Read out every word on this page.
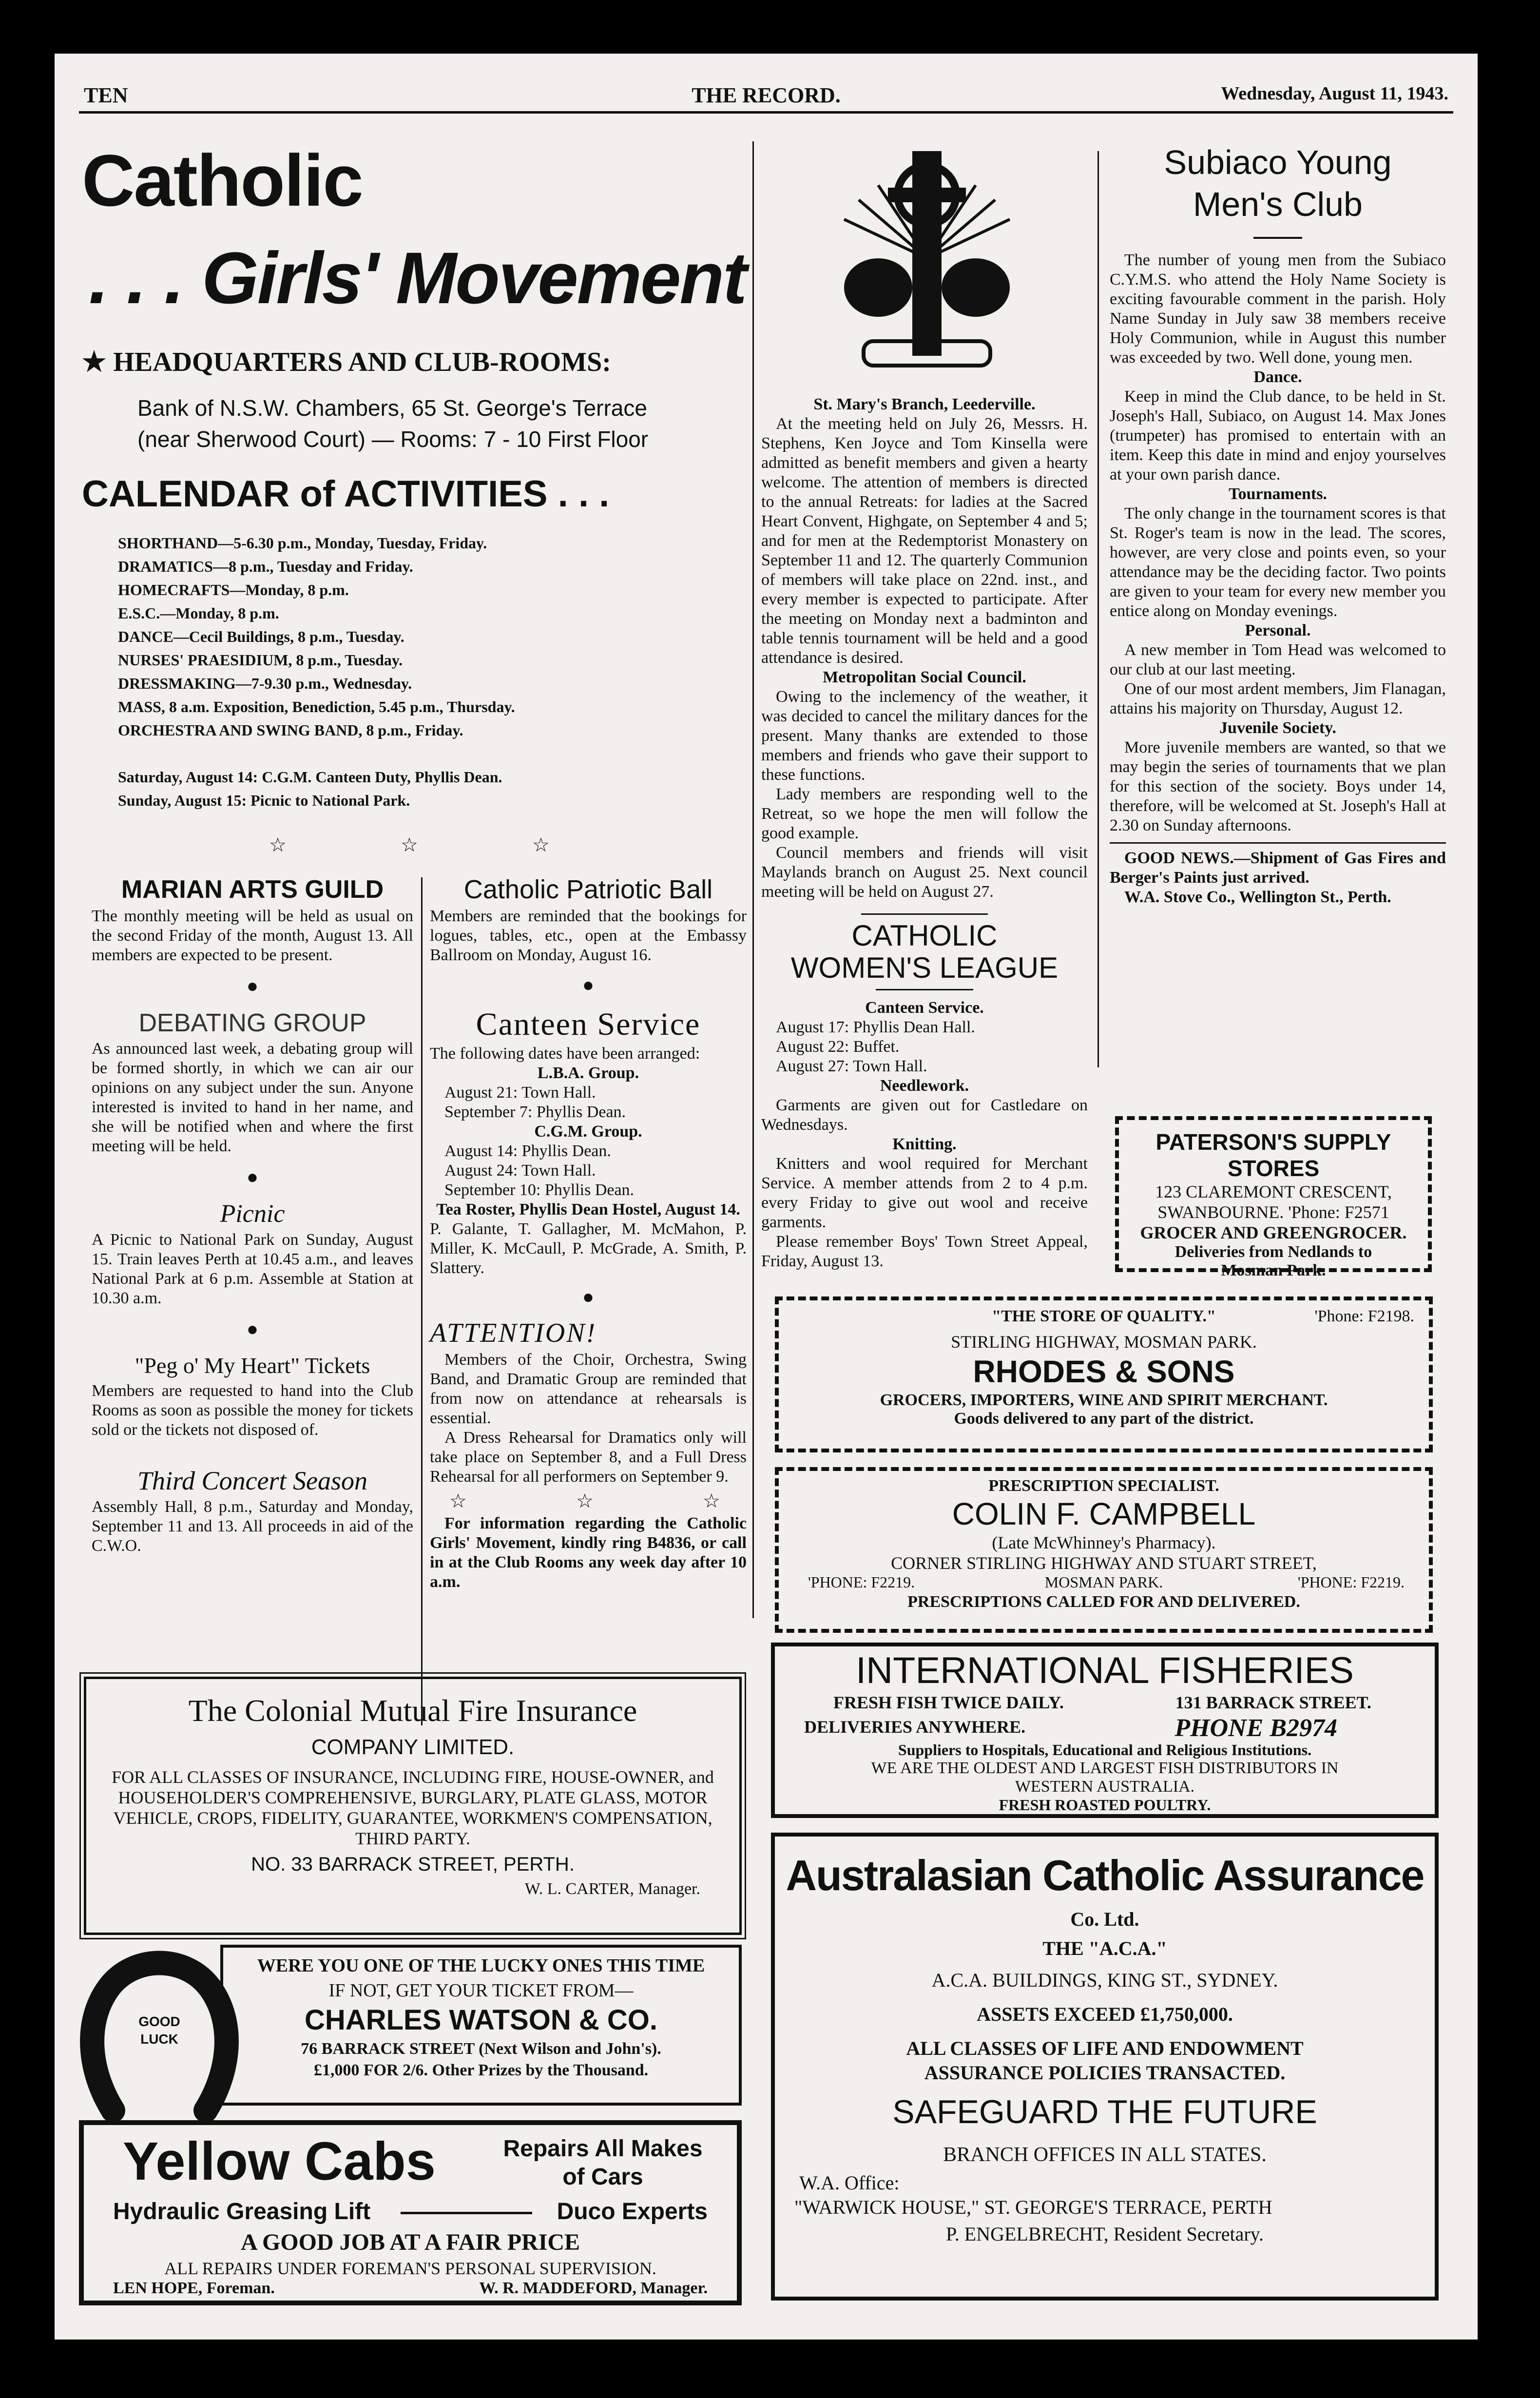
TEN	THE RECORD.	Wednesday, August 11, 1943.
Catholic
. . . Girls' Movement
★ HEADQUARTERS AND CLUB-ROOMS:
Bank of N.S.W. Chambers, 65 St. George's Terrace
(near Sherwood Court) — Rooms: 7 - 10 First Floor
CALENDAR of ACTIVITIES . . .
SHORTHAND—5-6.30 p.m., Monday, Tuesday, Friday.
DRAMATICS—8 p.m., Tuesday and Friday.
HOMECRAFTS—Monday, 8 p.m.
E.S.C.—Monday, 8 p.m.
DANCE—Cecil Buildings, 8 p.m., Tuesday.
NURSES' PRAESIDIUM, 8 p.m., Tuesday.
DRESSMAKING—7-9.30 p.m., Wednesday.
MASS, 8 a.m. Exposition, Benediction, 5.45 p.m., Thursday.
ORCHESTRA AND SWING BAND, 8 p.m., Friday.
Saturday, August 14: C.G.M. Canteen Duty, Phyllis Dean.
Sunday, August 15: Picnic to National Park.
☆	☆	☆
MARIAN ARTS GUILD
The monthly meeting will be held as usual on the second Friday of the month, August 13. All members are expected to be present.
●
DEBATING GROUP
As announced last week, a debating group will be formed shortly, in which we can air our opinions on any subject under the sun. Anyone interested is invited to hand in her name, and she will be notified when and where the first meeting will be held.
●
Picnic
A Picnic to National Park on Sunday, August 15. Train leaves Perth at 10.45 a.m., and leaves National Park at 6 p.m. Assemble at Station at 10.30 a.m.
●
"Peg o' My Heart" Tickets
Members are requested to hand into the Club Rooms as soon as possible the money for tickets sold or the tickets not disposed of.
Third Concert Season
Assembly Hall, 8 p.m., Saturday and Monday, September 11 and 13. All proceeds in aid of the C.W.O.
Catholic Patriotic Ball
Members are reminded that the bookings for logues, tables, etc., open at the Embassy Ballroom on Monday, August 16.
●
Canteen Service
The following dates have been arranged:
L.B.A. Group.
August 21: Town Hall.
September 7: Phyllis Dean.
C.G.M. Group.
August 14: Phyllis Dean.
August 24: Town Hall.
September 10: Phyllis Dean.
Tea Roster, Phyllis Dean Hostel, August 14.
P. Galante, T. Gallagher, M. McMahon, P. Miller, K. McCaull, P. McGrade, A. Smith, P. Slattery.
●
ATTENTION!
Members of the Choir, Orchestra, Swing Band, and Dramatic Group are reminded that from now on attendance at rehearsals is essential.
A Dress Rehearsal for Dramatics only will take place on September 8, and a Full Dress Rehearsal for all performers on September 9.
☆	☆	☆
For information regarding the Catholic Girls' Movement, kindly ring B4836, or call in at the Club Rooms any week day after 10 a.m.
St. Mary's Branch, Leederville.
At the meeting held on July 26, Messrs. H. Stephens, Ken Joyce and Tom Kinsella were admitted as benefit members and given a hearty welcome. The attention of members is directed to the annual Retreats: for ladies at the Sacred Heart Convent, Highgate, on September 4 and 5; and for men at the Redemptorist Monastery on September 11 and 12. The quarterly Communion of members will take place on 22nd. inst., and every member is expected to participate. After the meeting on Monday next a badminton and table tennis tournament will be held and a good attendance is desired.
Metropolitan Social Council.
Owing to the inclemency of the weather, it was decided to cancel the military dances for the present. Many thanks are extended to those members and friends who gave their support to these functions.
Lady members are responding well to the Retreat, so we hope the men will follow the good example.
Council members and friends will visit Maylands branch on August 25. Next council meeting will be held on August 27.
CATHOLIC
WOMEN'S LEAGUE
Canteen Service.
August 17: Phyllis Dean Hall.
August 22: Buffet.
August 27: Town Hall.
Needlework.
Garments are given out for Castledare on Wednesdays.
Knitting.
Knitters and wool required for Merchant Service. A member attends from 2 to 4 p.m. every Friday to give out wool and receive garments.
Please remember Boys' Town Street Appeal, Friday, August 13.
Subiaco Young
Men's Club
The number of young men from the Subiaco C.Y.M.S. who attend the Holy Name Society is exciting favourable comment in the parish. Holy Name Sunday in July saw 38 members receive Holy Communion, while in August this number was exceeded by two. Well done, young men.
Dance.
Keep in mind the Club dance, to be held in St. Joseph's Hall, Subiaco, on August 14. Max Jones (trumpeter) has promised to entertain with an item. Keep this date in mind and enjoy yourselves at your own parish dance.
Tournaments.
The only change in the tournament scores is that St. Roger's team is now in the lead. The scores, however, are very close and points even, so your attendance may be the deciding factor. Two points are given to your team for every new member you entice along on Monday evenings.
Personal.
A new member in Tom Head was welcomed to our club at our last meeting.
One of our most ardent members, Jim Flanagan, attains his majority on Thursday, August 12.
Juvenile Society.
More juvenile members are wanted, so that we may begin the series of tournaments that we plan for this section of the society. Boys under 14, therefore, will be welcomed at St. Joseph's Hall at 2.30 on Sunday afternoons.
GOOD NEWS.—Shipment of Gas Fires and Berger's Paints just arrived.
W.A. Stove Co., Wellington St., Perth.
PATERSON'S SUPPLY STORES
123 CLAREMONT CRESCENT,
SWANBOURNE. 'Phone: F2571
GROCER AND GREENGROCER.
Deliveries from Nedlands to
Mosman Park.
"THE STORE OF QUALITY."	'Phone: F2198.
STIRLING HIGHWAY, MOSMAN PARK.
RHODES & SONS
GROCERS, IMPORTERS, WINE AND SPIRIT MERCHANT.
Goods delivered to any part of the district.
PRESCRIPTION SPECIALIST.
COLIN F. CAMPBELL
(Late McWhinney's Pharmacy).
CORNER STIRLING HIGHWAY AND STUART STREET,
'PHONE: F2219.	MOSMAN PARK.	'PHONE: F2219.
PRESCRIPTIONS CALLED FOR AND DELIVERED.
INTERNATIONAL FISHERIES
FRESH FISH TWICE DAILY.	131 BARRACK STREET.
DELIVERIES ANYWHERE.	PHONE B2974
Suppliers to Hospitals, Educational and Religious Institutions.
WE ARE THE OLDEST AND LARGEST FISH DISTRIBUTORS IN
WESTERN AUSTRALIA.
FRESH ROASTED POULTRY.
Australasian Catholic Assurance
Co. Ltd.
THE "A.C.A."
A.C.A. BUILDINGS, KING ST., SYDNEY.
ASSETS EXCEED £1,750,000.
ALL CLASSES OF LIFE AND ENDOWMENT
ASSURANCE POLICIES TRANSACTED.
SAFEGUARD THE FUTURE
BRANCH OFFICES IN ALL STATES.
W.A. Office:
"WARWICK HOUSE," ST. GEORGE'S TERRACE, PERTH
P. ENGELBRECHT, Resident Secretary.
The Colonial Mutual Fire Insurance
COMPANY LIMITED.
FOR ALL CLASSES OF INSURANCE, INCLUDING FIRE, HOUSE-OWNER, and HOUSEHOLDER'S COMPREHENSIVE, BURGLARY, PLATE GLASS, MOTOR VEHICLE, CROPS, FIDELITY, GUARANTEE, WORKMEN'S COMPENSATION, THIRD PARTY.
NO. 33 BARRACK STREET, PERTH.
W. L. CARTER, Manager.
GOOD LUCK
WERE YOU ONE OF THE LUCKY ONES THIS TIME
IF NOT, GET YOUR TICKET FROM—
CHARLES WATSON & CO.
76 BARRACK STREET (Next Wilson and John's).
£1,000 FOR 2/6. Other Prizes by the Thousand.
Yellow Cabs	Repairs All Makes of Cars
Hydraulic Greasing Lift	Duco Experts
A GOOD JOB AT A FAIR PRICE
ALL REPAIRS UNDER FOREMAN'S PERSONAL SUPERVISION.
LEN HOPE, Foreman.	W. R. MADDEFORD, Manager.
